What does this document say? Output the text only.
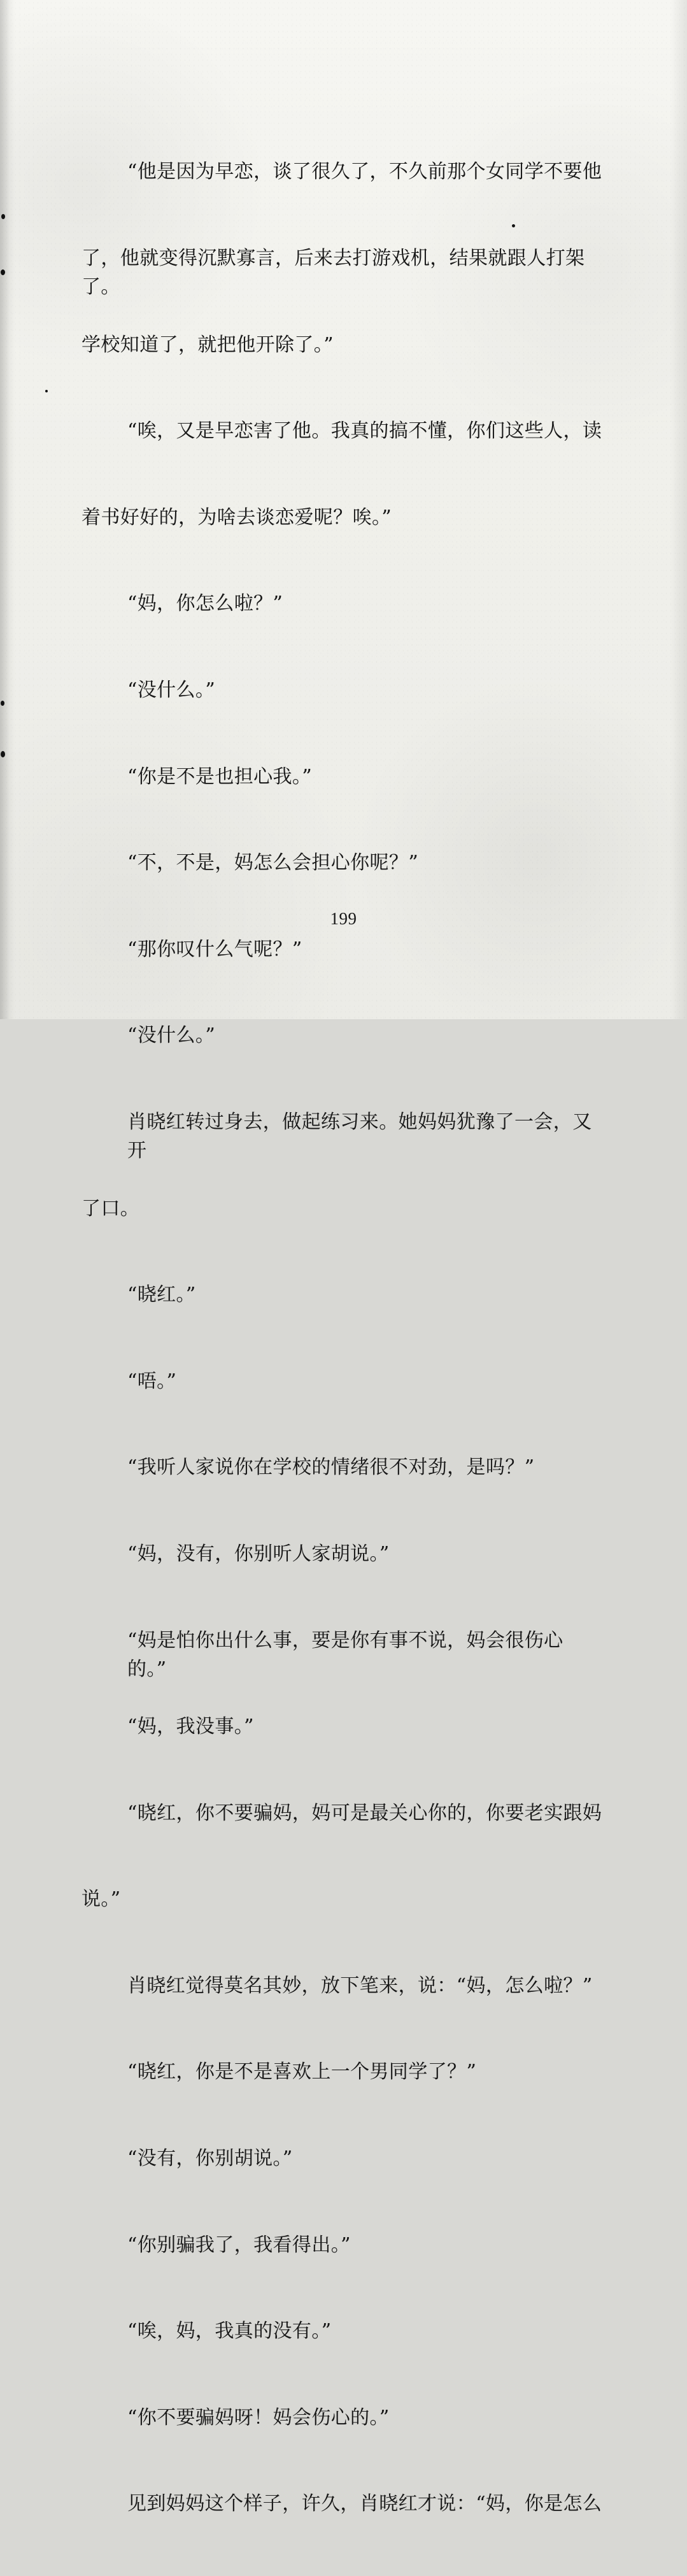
“他是因为早恋，谈了很久了，不久前那个女同学不要他

了，他就变得沉默寡言，后来去打游戏机，结果就跟人打架了。

学校知道了，就把他开除了。”

“唉，又是早恋害了他。我真的搞不懂，你们这些人，读

着书好好的，为啥去谈恋爱呢？唉。”

“妈，你怎么啦？”

“没什么。”

“你是不是也担心我。”

“不，不是，妈怎么会担心你呢？”

“那你叹什么气呢？”

“没什么。”

肖晓红转过身去，做起练习来。她妈妈犹豫了一会，又开

了口。

“晓红。”

“唔。”

“我听人家说你在学校的情绪很不对劲，是吗？”

“妈，没有，你别听人家胡说。”

“妈是怕你出什么事，要是你有事不说，妈会很伤心的。”

“妈，我没事。”

“晓红，你不要骗妈，妈可是最关心你的，你要老实跟妈

说。”

肖晓红觉得莫名其妙，放下笔来，说：“妈，怎么啦？”

“晓红，你是不是喜欢上一个男同学了？”

“没有，你别胡说。”

“你别骗我了，我看得出。”

“唉，妈，我真的没有。”

“你不要骗妈呀！妈会伤心的。”

见到妈妈这个样子，许久，肖晓红才说：“妈，你是怎么

199
